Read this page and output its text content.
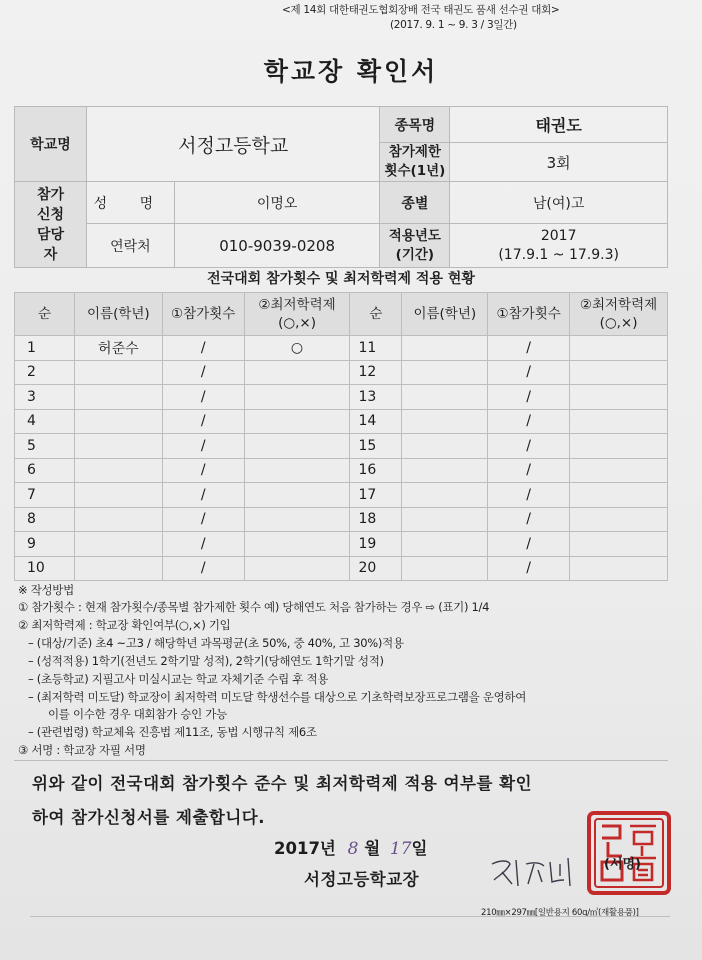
<제 14회 대한태권도협회장배 전국 태권도 품새 선수권 대회>
(2017. 9. 1 ~ 9. 3 / 3일간)
학교장 확인서
학교명	서정고등학교		종목명	태권도
			참가제한 횟수(1년)	3회
참가 신청 담당자	성 명	이명오	종별	남(여)고
	연락처	010-9039-0208	적용년도 (기간)	2017
(17.9.1 ~ 17.9.3)
전국대회 참가횟수 및 최저학력제 적용 현황
순	이름(학년)	①참가횟수	②최저학력제 (○,×)	순	이름(학년)	①참가횟수	②최저학력제 (○,×)
1	허준수	/	○	11		/	
2		/		12		/	
3		/		13		/	
4		/		14		/	
5		/		15		/	
6		/		16		/	
7		/		17		/	
8		/		18		/	
9		/		19		/	
10		/		20		/	
※ 작성방법
① 참가횟수 : 현재 참가횟수/종목별 참가제한 횟수 예) 당해연도 처음 참가하는 경우 ⇨ (표기) 1/4
② 최저학력제 : 학교장 확인여부(○,×) 기입
– (대상/기준) 초4 ~고3 / 해당학년 과목평균(초 50%, 중 40%, 고 30%)적용
– (성적적용) 1학기(전년도 2학기말 성적), 2학기(당해연도 1학기말 성적)
– (초등학교) 지필고사 미실시교는 학교 자체기준 수립 후 적용
– (최저학력 미도달) 학교장이 최저학력 미도달 학생선수를 대상으로 기초학력보장프로그램을 운영하여
이를 이수한 경우 대회참가 승인 가능
– (관련법령) 학교체육 진흥법 제11조, 동법 시행규칙 제6조
③ 서명 : 학교장 자필 서명
위와 같이 전국대회 참가횟수 준수 및 최저학력제 적용 여부를 확인
하여 참가신청서를 제출합니다.
2017년 8 월 17일
서정고등학교장
(서명)
210㎜×297㎜[일반용지 60g/㎡(재활용품)]
